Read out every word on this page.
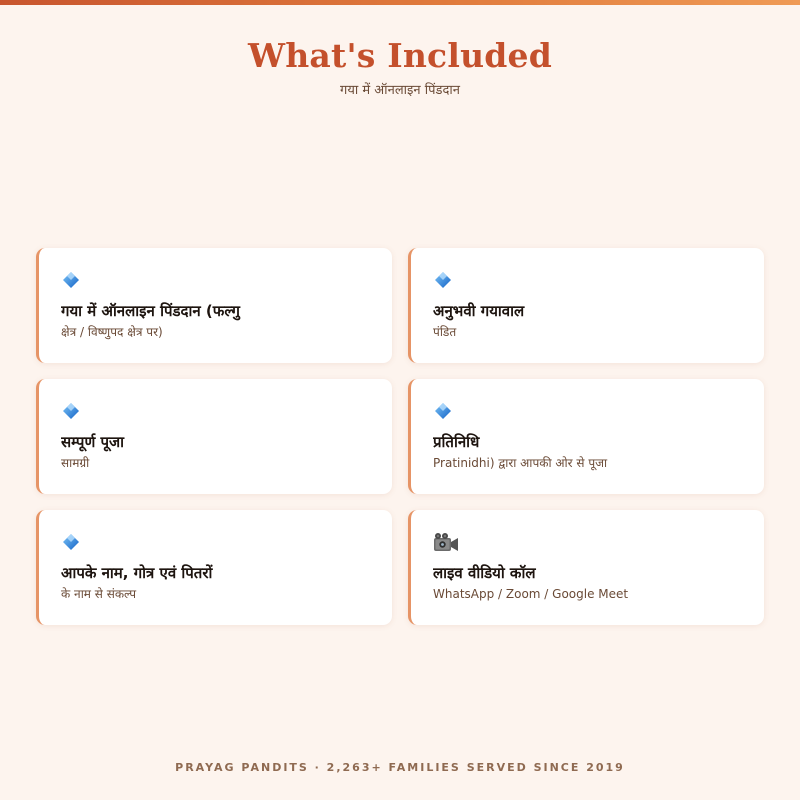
What's Included
गया में ऑनलाइन पिंडदान
गया में ऑनलाइन पिंडदान (फल्गु
क्षेत्र / विष्णुपद क्षेत्र पर)
अनुभवी गयावाल
पंडित
सम्पूर्ण पूजा
सामग्री
प्रतिनिधि
Pratinidhi) द्वारा आपकी ओर से पूजा
आपके नाम, गोत्र एवं पितरों
के नाम से संकल्प
लाइव वीडियो कॉल
WhatsApp / Zoom / Google Meet
PRAYAG PANDITS · 2,263+ FAMILIES SERVED SINCE 2019
